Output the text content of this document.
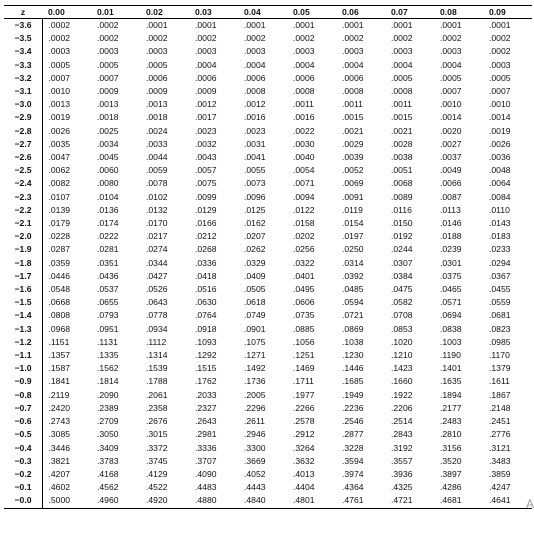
z	0.00	0.01	0.02	0.03	0.04	0.05	0.06	0.07	0.08	0.09
−3.6	.0002	.0002	.0001	.0001	.0001	.0001	.0001	.0001	.0001	.0001
−3.5	.0002	.0002	.0002	.0002	.0002	.0002	.0002	.0002	.0002	.0002
−3.4	.0003	.0003	.0003	.0003	.0003	.0003	.0003	.0003	.0003	.0002
−3.3	.0005	.0005	.0005	.0004	.0004	.0004	.0004	.0004	.0004	.0003
−3.2	.0007	.0007	.0006	.0006	.0006	.0006	.0006	.0005	.0005	.0005
−3.1	.0010	.0009	.0009	.0009	.0008	.0008	.0008	.0008	.0007	.0007
−3.0	.0013	.0013	.0013	.0012	.0012	.0011	.0011	.0011	.0010	.0010
−2.9	.0019	.0018	.0018	.0017	.0016	.0016	.0015	.0015	.0014	.0014
−2.8	.0026	.0025	.0024	.0023	.0023	.0022	.0021	.0021	.0020	.0019
−2.7	.0035	.0034	.0033	.0032	.0031	.0030	.0029	.0028	.0027	.0026
−2.6	.0047	.0045	.0044	.0043	.0041	.0040	.0039	.0038	.0037	.0036
−2.5	.0062	.0060	.0059	.0057	.0055	.0054	.0052	.0051	.0049	.0048
−2.4	.0082	.0080	.0078	.0075	.0073	.0071	.0069	.0068	.0066	.0064
−2.3	.0107	.0104	.0102	.0099	.0096	.0094	.0091	.0089	.0087	.0084
−2.2	.0139	.0136	.0132	.0129	.0125	.0122	.0119	.0116	.0113	.0110
−2.1	.0179	.0174	.0170	.0166	.0162	.0158	.0154	.0150	.0146	.0143
−2.0	.0228	.0222	.0217	.0212	.0207	.0202	.0197	.0192	.0188	.0183
−1.9	.0287	.0281	.0274	.0268	.0262	.0256	.0250	.0244	.0239	.0233
−1.8	.0359	.0351	.0344	.0336	.0329	.0322	.0314	.0307	.0301	.0294
−1.7	.0446	.0436	.0427	.0418	.0409	.0401	.0392	.0384	.0375	.0367
−1.6	.0548	.0537	.0526	.0516	.0505	.0495	.0485	.0475	.0465	.0455
−1.5	.0668	.0655	.0643	.0630	.0618	.0606	.0594	.0582	.0571	.0559
−1.4	.0808	.0793	.0778	.0764	.0749	.0735	.0721	.0708	.0694	.0681
−1.3	.0968	.0951	.0934	.0918	.0901	.0885	.0869	.0853	.0838	.0823
−1.2	.1151	.1131	.1112	.1093	.1075	.1056	.1038	.1020	.1003	.0985
−1.1	.1357	.1335	.1314	.1292	.1271	.1251	.1230	.1210	.1190	.1170
−1.0	.1587	.1562	.1539	.1515	.1492	.1469	.1446	.1423	.1401	.1379
−0.9	.1841	.1814	.1788	.1762	.1736	.1711	.1685	.1660	.1635	.1611
−0.8	.2119	.2090	.2061	.2033	.2005	.1977	.1949	.1922	.1894	.1867
−0.7	.2420	.2389	.2358	.2327	.2296	.2266	.2236	.2206	.2177	.2148
−0.6	.2743	.2709	.2676	.2643	.2611	.2578	.2546	.2514	.2483	.2451
−0.5	.3085	.3050	.3015	.2981	.2946	.2912	.2877	.2843	.2810	.2776
−0.4	.3446	.3409	.3372	.3336	.3300	.3264	.3228	.3192	.3156	.3121
−0.3	.3821	.3783	.3745	.3707	.3669	.3632	.3594	.3557	.3520	.3483
−0.2	.4207	.4168	.4129	.4090	.4052	.4013	.3974	.3936	.3897	.3859
−0.1	.4602	.4562	.4522	.4483	.4443	.4404	.4364	.4325	.4286	.4247
−0.0	.5000	.4960	.4920	.4880	.4840	.4801	.4761	.4721	.4681	.4641 A
